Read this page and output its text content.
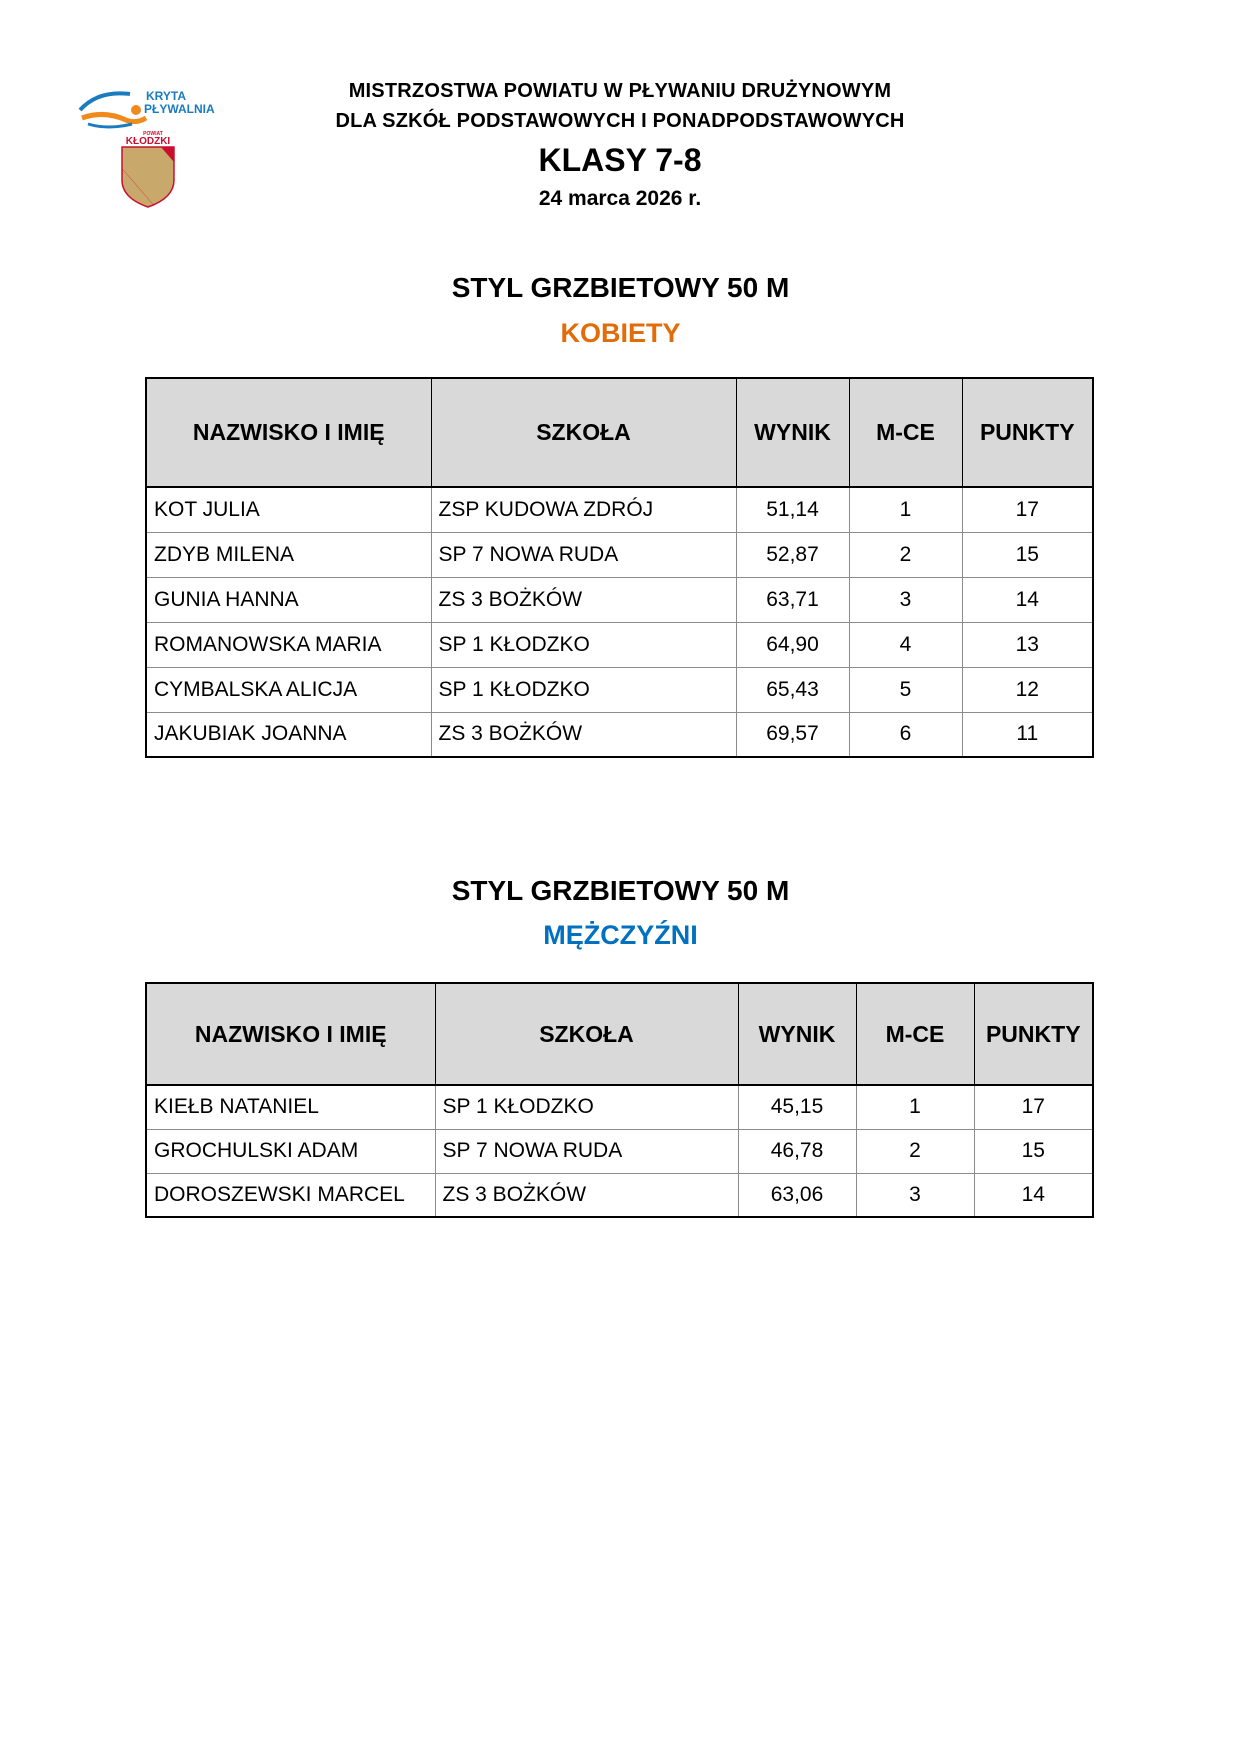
KRYTA
PŁYWALNIA
POWIAT
KŁODZKI
MISTRZOSTWA POWIATU W PŁYWANIU DRUŻYNOWYM
DLA SZKÓŁ PODSTAWOWYCH I PONADPODSTAWOWYCH
KLASY 7-8
24 marca 2026 r.
STYL GRZBIETOWY 50 M
KOBIETY
NAZWISKO I IMIĘ	SZKOŁA	WYNIK	M-CE	PUNKTY
KOT JULIA	ZSP KUDOWA ZDRÓJ	51,14	1	17
ZDYB MILENA	SP 7 NOWA RUDA	52,87	2	15
GUNIA HANNA	ZS 3 BOŻKÓW	63,71	3	14
ROMANOWSKA MARIA	SP 1 KŁODZKO	64,90	4	13
CYMBALSKA ALICJA	SP 1 KŁODZKO	65,43	5	12
JAKUBIAK JOANNA	ZS 3 BOŻKÓW	69,57	6	11
STYL GRZBIETOWY 50 M
MĘŻCZYŹNI
NAZWISKO I IMIĘ	SZKOŁA	WYNIK	M-CE	PUNKTY
KIEŁB NATANIEL	SP 1 KŁODZKO	45,15	1	17
GROCHULSKI ADAM	SP 7 NOWA RUDA	46,78	2	15
DOROSZEWSKI MARCEL	ZS 3 BOŻKÓW	63,06	3	14
